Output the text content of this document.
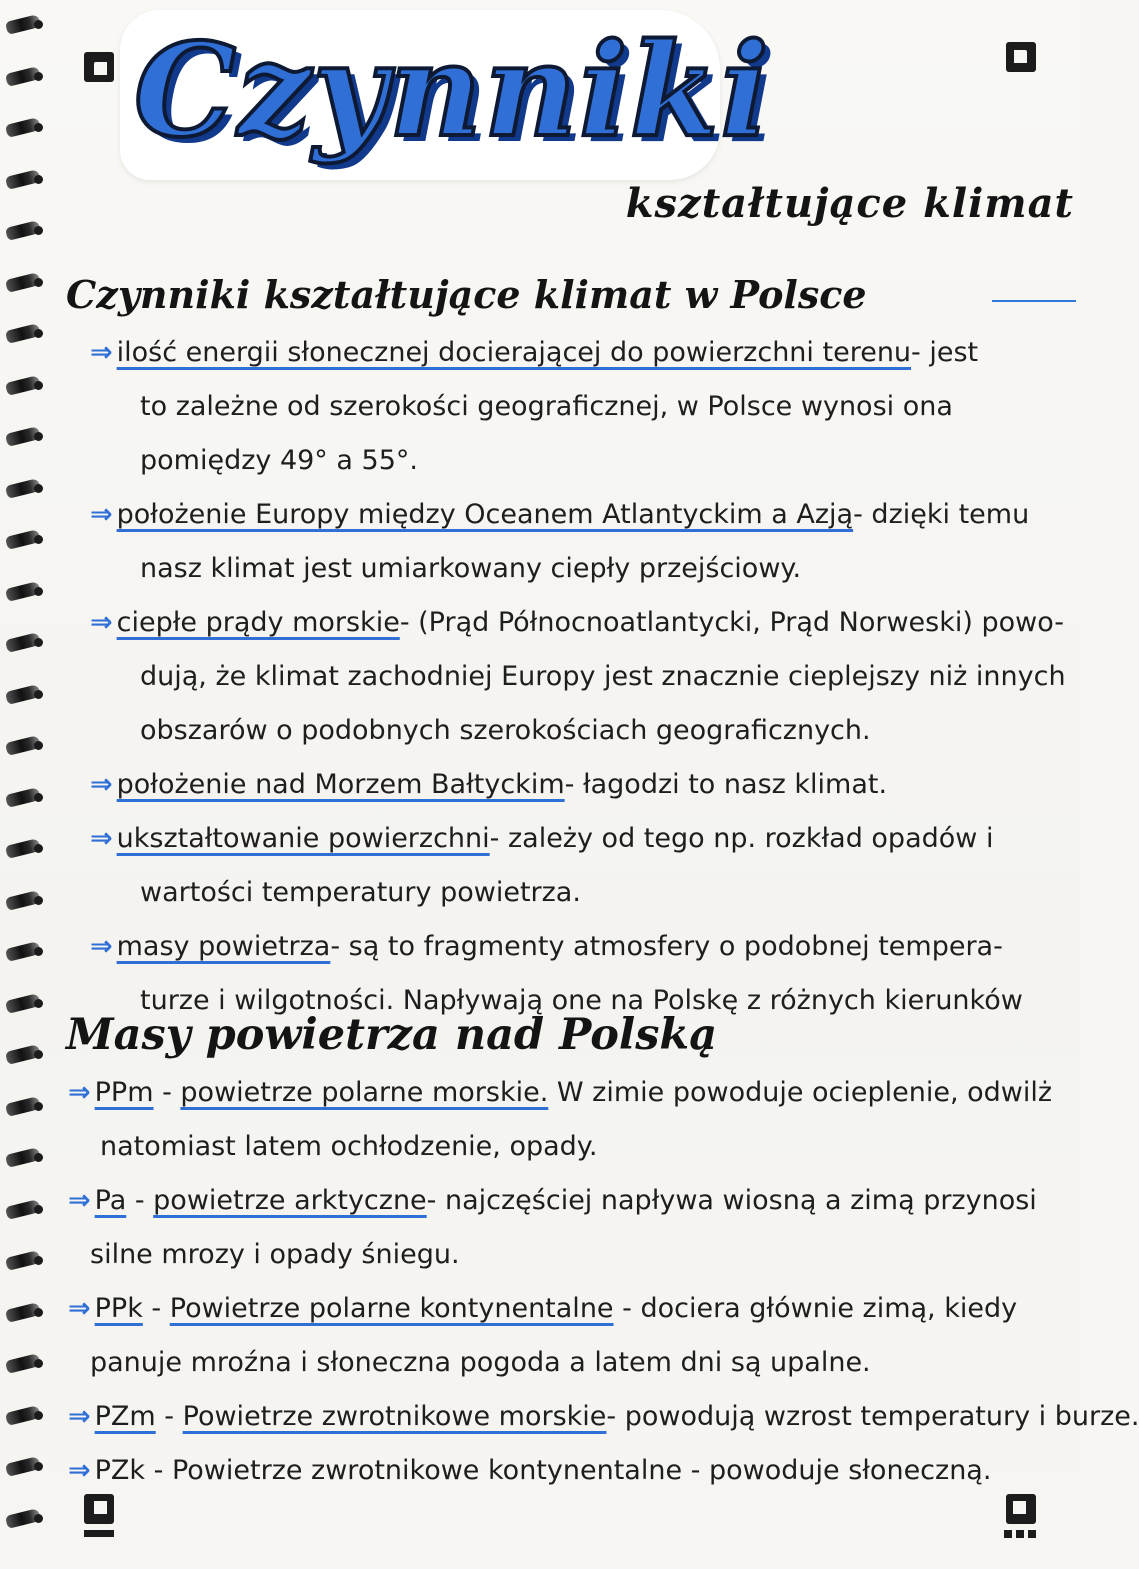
Czynniki
kształtujące klimat
Czynniki kształtujące klimat w Polsce
⇒ ilość energii słonecznej docierającej do powierzchni terenu- jest
to zależne od szerokości geograficznej, w Polsce wynosi ona
pomiędzy 49° a 55°.
⇒ położenie Europy między Oceanem Atlantyckim a Azją- dzięki temu
nasz klimat jest umiarkowany ciepły przejściowy.
⇒ ciepłe prądy morskie- (Prąd Północnoatlantycki, Prąd Norweski) powo-
dują, że klimat zachodniej Europy jest znacznie cieplejszy niż innych
obszarów o podobnych szerokościach geograficznych.
⇒ położenie nad Morzem Bałtyckim- łagodzi to nasz klimat.
⇒ ukształtowanie powierzchni- zależy od tego np. rozkład opadów i
wartości temperatury powietrza.
⇒ masy powietrza- są to fragmenty atmosfery o podobnej tempera-
turze i wilgotności. Napływają one na Polskę z różnych kierunków
Masy powietrza nad Polską
⇒ PPm - powietrze polarne morskie. W zimie powoduje ocieplenie, odwilż
natomiast latem ochłodzenie, opady.
⇒ Pa - powietrze arktyczne- najczęściej napływa wiosną a zimą przynosi
silne mrozy i opady śniegu.
⇒ PPk - Powietrze polarne kontynentalne - dociera głównie zimą, kiedy
panuje mroźna i słoneczna pogoda a latem dni są upalne.
⇒ PZm - Powietrze zwrotnikowe morskie- powodują wzrost temperatury i burze.
⇒ PZk - Powietrze zwrotnikowe kontynentalne - powoduje słoneczną.
